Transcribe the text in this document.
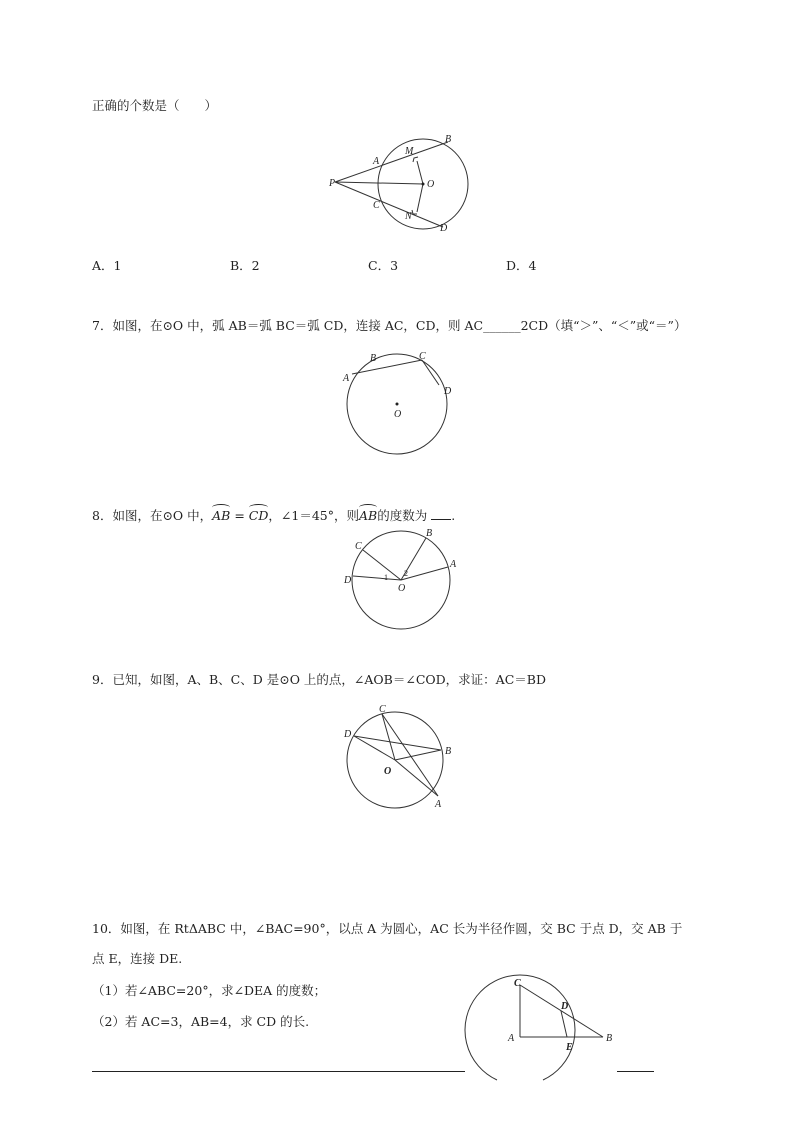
正确的个数是（　　）
P
A
B
M
O
C
N
D
A．1	B．2	C．3	D．4
7．如图，在⊙O 中，弧 AB＝弧 BC＝弧 CD，连接 AC，CD，则 AC______2CD（填“＞”、“＜”或“＝”）
A
B	C
D
O
8．如图，在⊙O 中，AB = CD，∠1＝45°，则AB的度数为 .
C
D
B
A
O
1 2
9．已知，如图，A、B、C、D 是⊙O 上的点，∠AOB＝∠COD，求证：AC＝BD
C
D
B
A
O
10．如图，在 RtΔABC 中，∠BAC=90°，以点 A 为圆心，AC 长为半径作圆，交 BC 于点 D，交 AB 于
点 E，连接 DE.
（1）若∠ABC=20°，求∠DEA 的度数；
（2）若 AC=3，AB=4，求 CD 的长.
C
A
D
E
B
